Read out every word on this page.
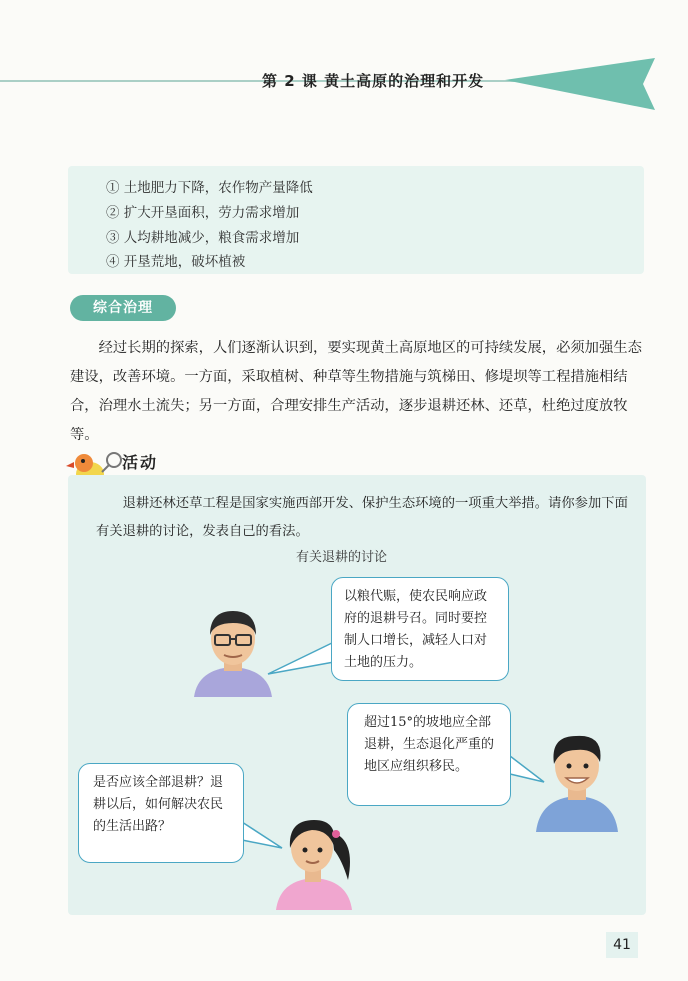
第 2 课 黄土高原的治理和开发
① 土地肥力下降，农作物产量降低
② 扩大开垦面积，劳力需求增加
③ 人均耕地减少，粮食需求增加
④ 开垦荒地，破坏植被
综合治理
经过长期的探索，人们逐渐认识到，要实现黄土高原地区的可持续发展，必须加强生态建设，改善环境。一方面，采取植树、种草等生物措施与筑梯田、修堤坝等工程措施相结合，治理水土流失；另一方面，合理安排生产活动，逐步退耕还林、还草，杜绝过度放牧等。
活动
退耕还林还草工程是国家实施西部开发、保护生态环境的一项重大举措。请你参加下面有关退耕的讨论，发表自己的看法。
有关退耕的讨论
以粮代赈，使农民响应政府的退耕号召。同时要控制人口增长，减轻人口对土地的压力。
超过15°的坡地应全部退耕，生态退化严重的地区应组织移民。
是否应该全部退耕？退耕以后，如何解决农民的生活出路？
41
